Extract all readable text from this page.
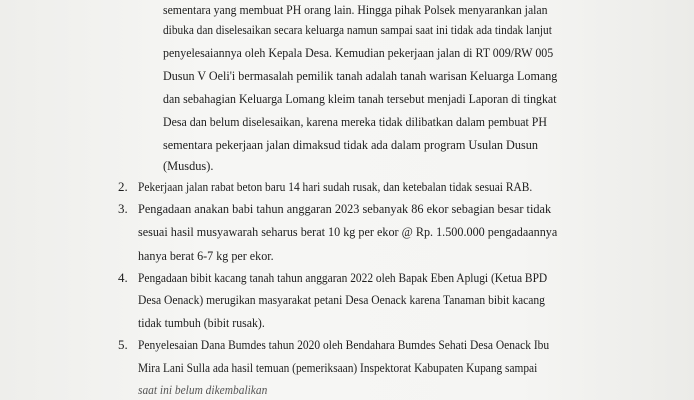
sementara yang membuat PH orang lain. Hingga pihak Polsek menyarankan jalan
dibuka dan diselesaikan secara keluarga namun sampai saat ini tidak ada tindak lanjut
penyelesaiannya oleh Kepala Desa. Kemudian pekerjaan jalan di RT 009/RW 005
Dusun V Oeli'i bermasalah pemilik tanah adalah tanah warisan Keluarga Lomang
dan sebahagian Keluarga Lomang kleim tanah tersebut menjadi Laporan di tingkat
Desa dan belum diselesaikan, karena mereka tidak dilibatkan dalam pembuat PH
sementara pekerjaan jalan dimaksud tidak ada dalam program Usulan Dusun
(Musdus).
2. Pekerjaan jalan rabat beton baru 14 hari sudah rusak, dan ketebalan tidak sesuai RAB.
3. Pengadaan anakan babi tahun anggaran 2023 sebanyak 86 ekor sebagian besar tidak
sesuai hasil musyawarah seharus berat 10 kg per ekor @ Rp. 1.500.000 pengadaannya
hanya berat 6-7 kg per ekor.
4. Pengadaan bibit kacang tanah tahun anggaran 2022 oleh Bapak Eben Aplugi (Ketua BPD
Desa Oenack) merugikan masyarakat petani Desa Oenack karena Tanaman bibit kacang
tidak tumbuh (bibit rusak).
5. Penyelesaian Dana Bumdes tahun 2020 oleh Bendahara Bumdes Sehati Desa Oenack Ibu
Mira Lani Sulla ada hasil temuan (pemeriksaan) Inspektorat Kabupaten Kupang sampai
saat ini belum dikembalikan
